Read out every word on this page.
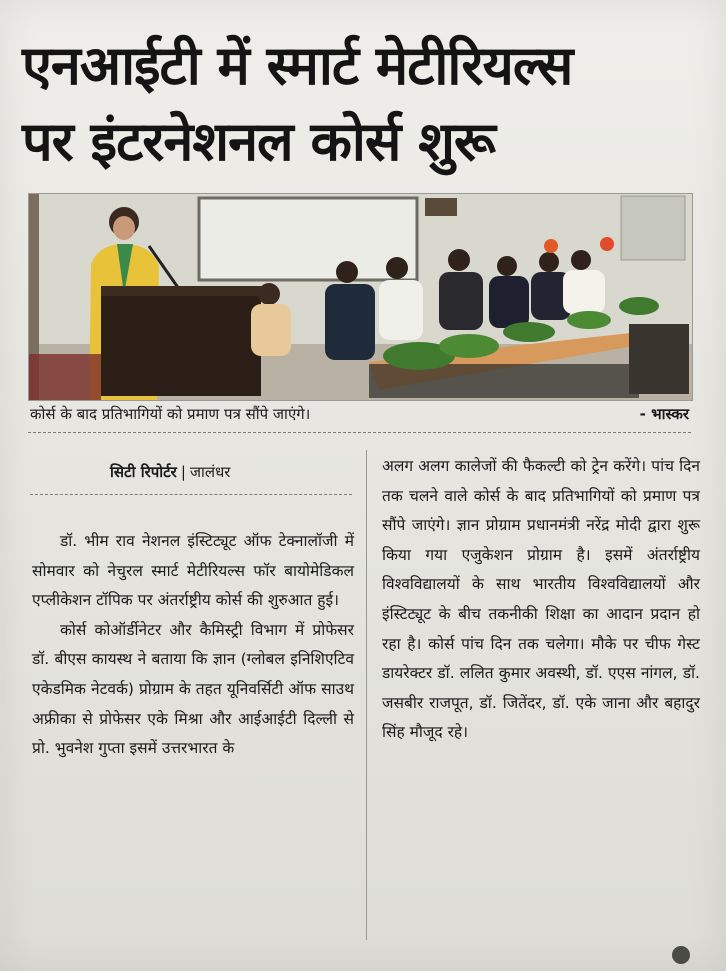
एनआईटी में स्मार्ट मेटीरियल्स
पर इंटरनेशनल कोर्स शुरू
कोर्स के बाद प्रतिभागियों को प्रमाण पत्र सौंपे जाएंगे।	- भास्कर
सिटी रिपोर्टर | जालंधर

डॉ. भीम राव नेशनल इंस्टिट्यूट ऑफ टेक्नालॉजी में सोमवार को नेचुरल स्मार्ट मेटीरियल्स फॉर बायोमेडिकल एप्लीकेशन टॉपिक पर अंतर्राष्ट्रीय कोर्स की शुरुआत हुई।

कोर्स कोऑर्डीनेटर और कैमिस्ट्री विभाग में प्रोफेसर डॉ. बीएस कायस्थ ने बताया कि ज्ञान (ग्लोबल इनिशिएटिव एकेडमिक नेटवर्क) प्रोग्राम के तहत यूनिवर्सिटी ऑफ साउथ अफ्रीका से प्रोफेसर एके मिश्रा और आईआईटी दिल्ली से प्रो. भुवनेश गुप्ता इसमें उत्तरभारत के

अलग अलग कालेजों की फैकल्टी को ट्रेन करेंगे। पांच दिन तक चलने वाले कोर्स के बाद प्रतिभागियों को प्रमाण पत्र सौंपे जाएंगे। ज्ञान प्रोग्राम प्रधानमंत्री नरेंद्र मोदी द्वारा शुरू किया गया एजुकेशन प्रोग्राम है। इसमें अंतर्राष्ट्रीय विश्वविद्यालयों के साथ भारतीय विश्वविद्यालयों और इंस्टिट्यूट के बीच तकनीकी शिक्षा का आदान प्रदान हो रहा है। कोर्स पांच दिन तक चलेगा। मौके पर चीफ गेस्ट डायरेक्टर डॉ. ललित कुमार अवस्थी, डॉ. एएस नांगल, डॉ. जसबीर राजपूत, डॉ. जितेंदर, डॉ. एके जाना और बहादुर सिंह मौजूद रहे।
